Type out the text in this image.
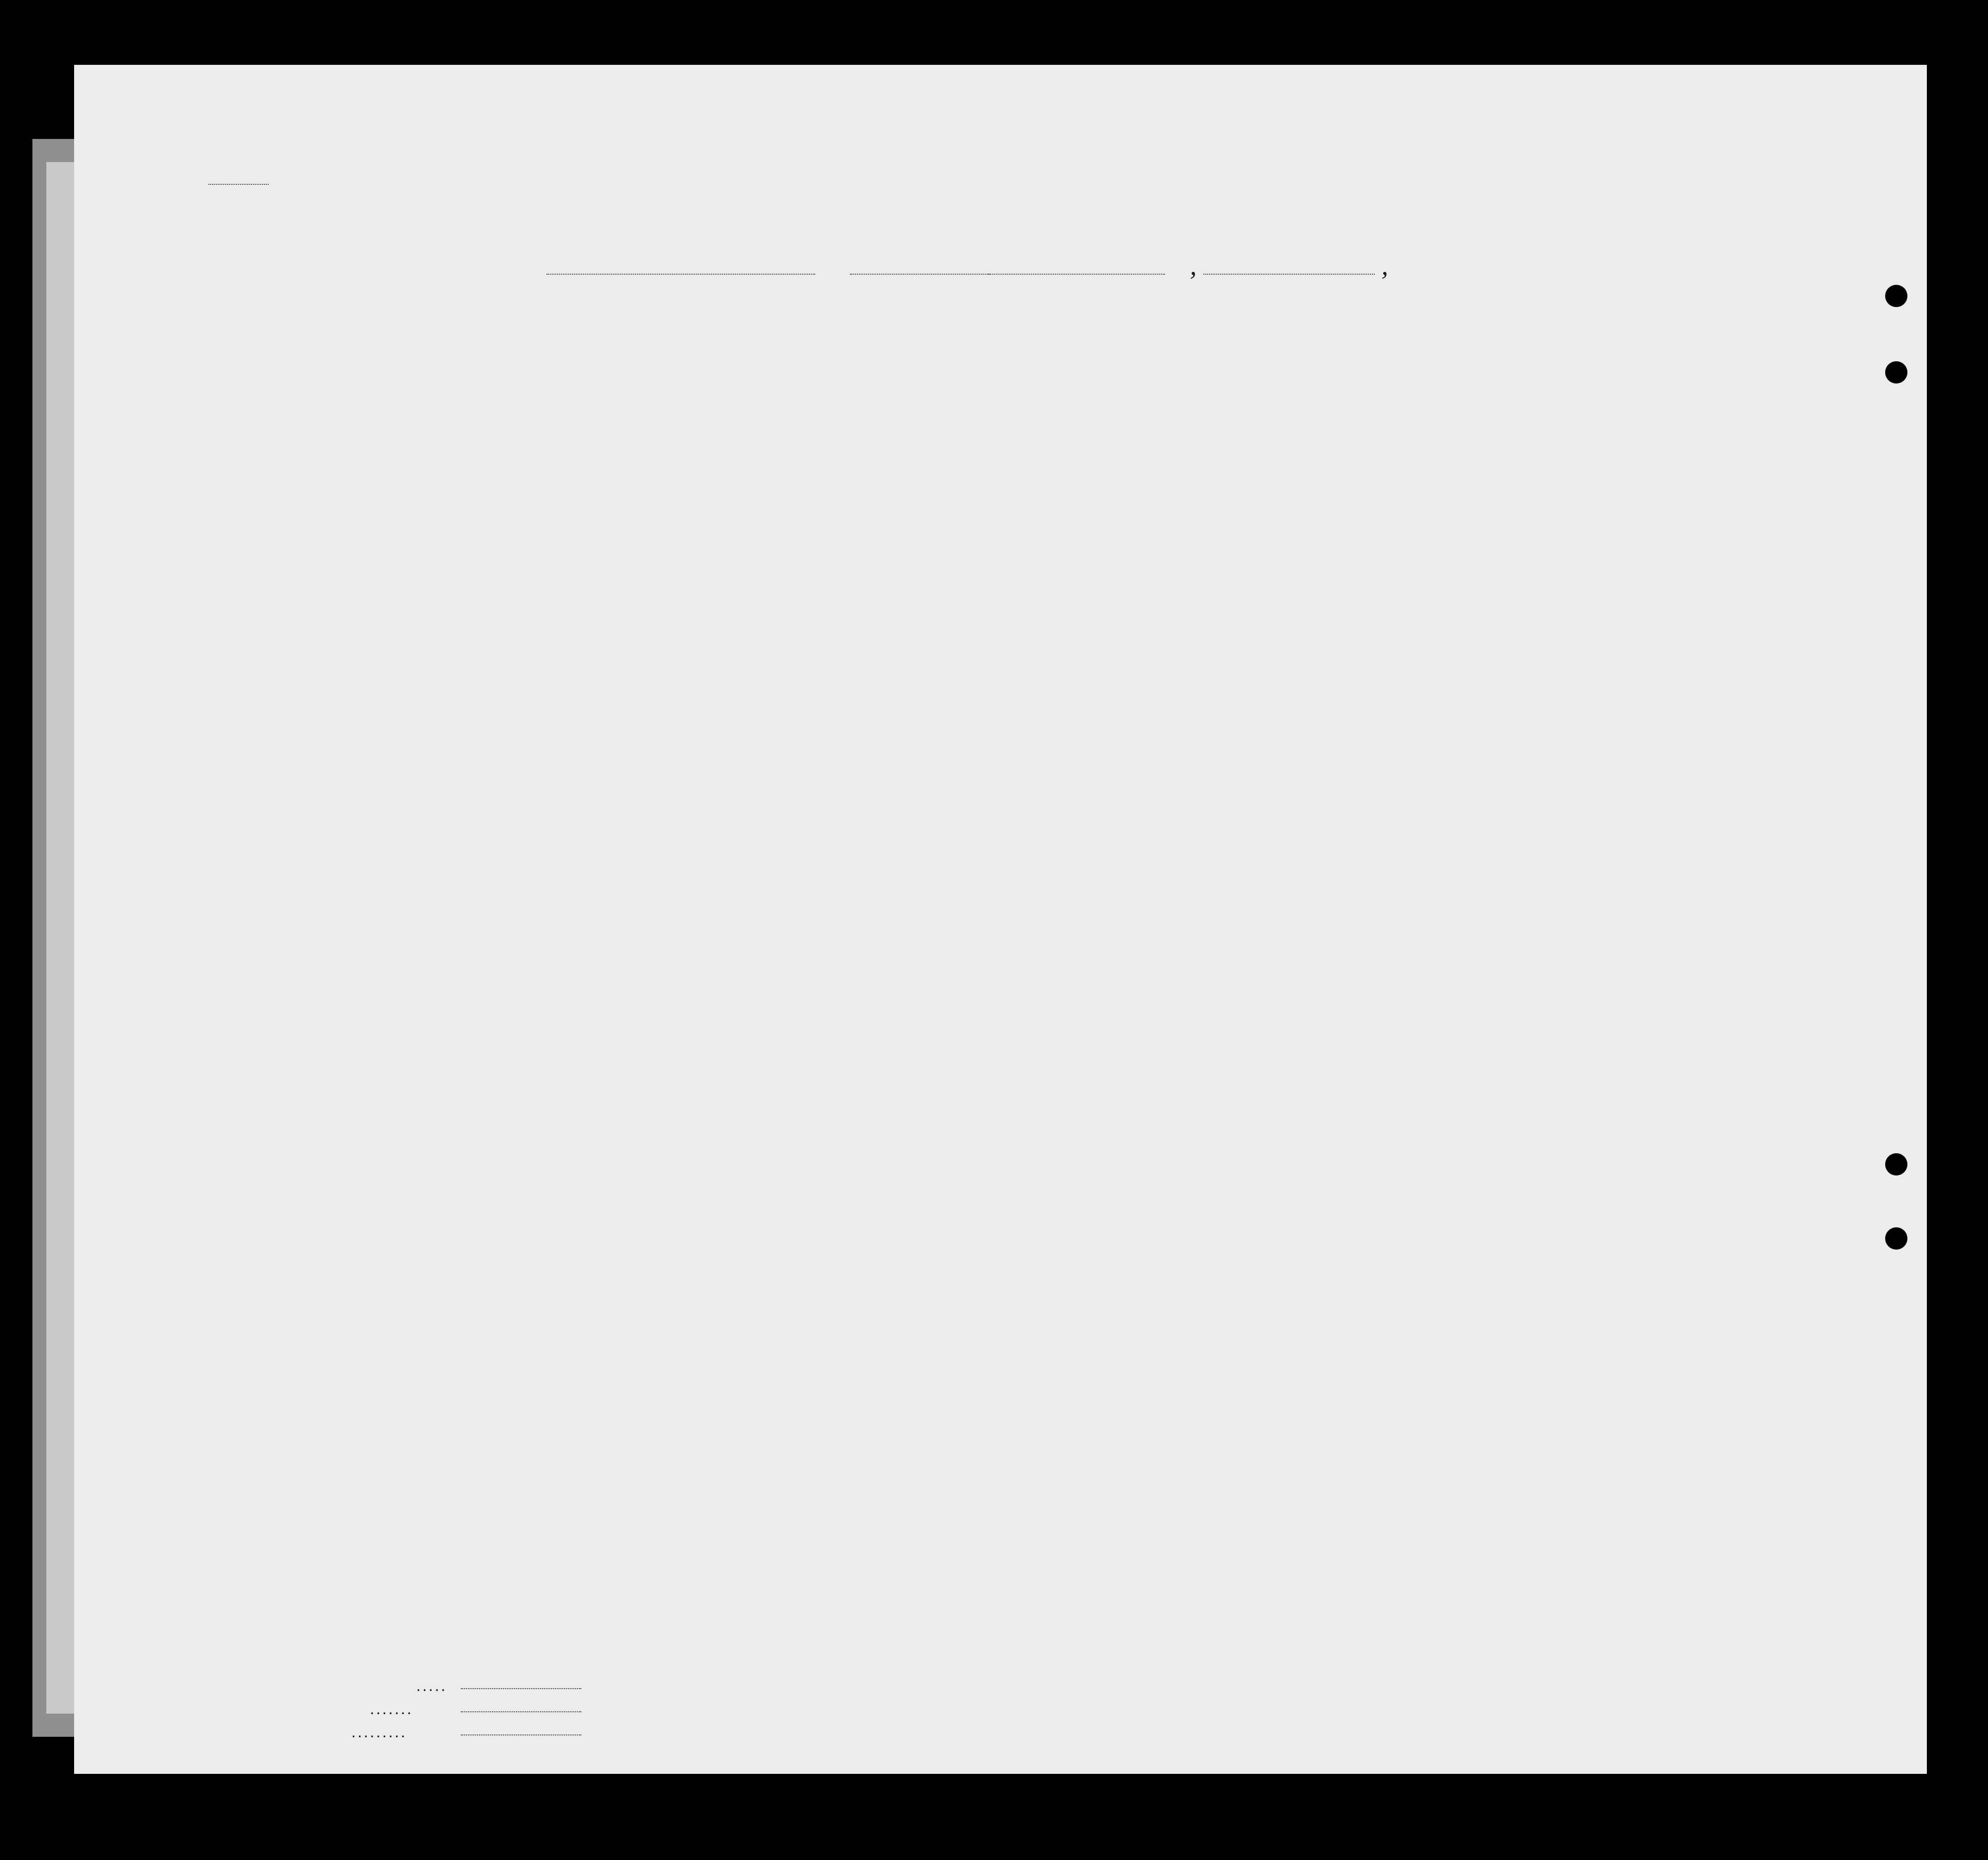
,	,
. . . . .
. . . . . . .
. . . . . . . . .
